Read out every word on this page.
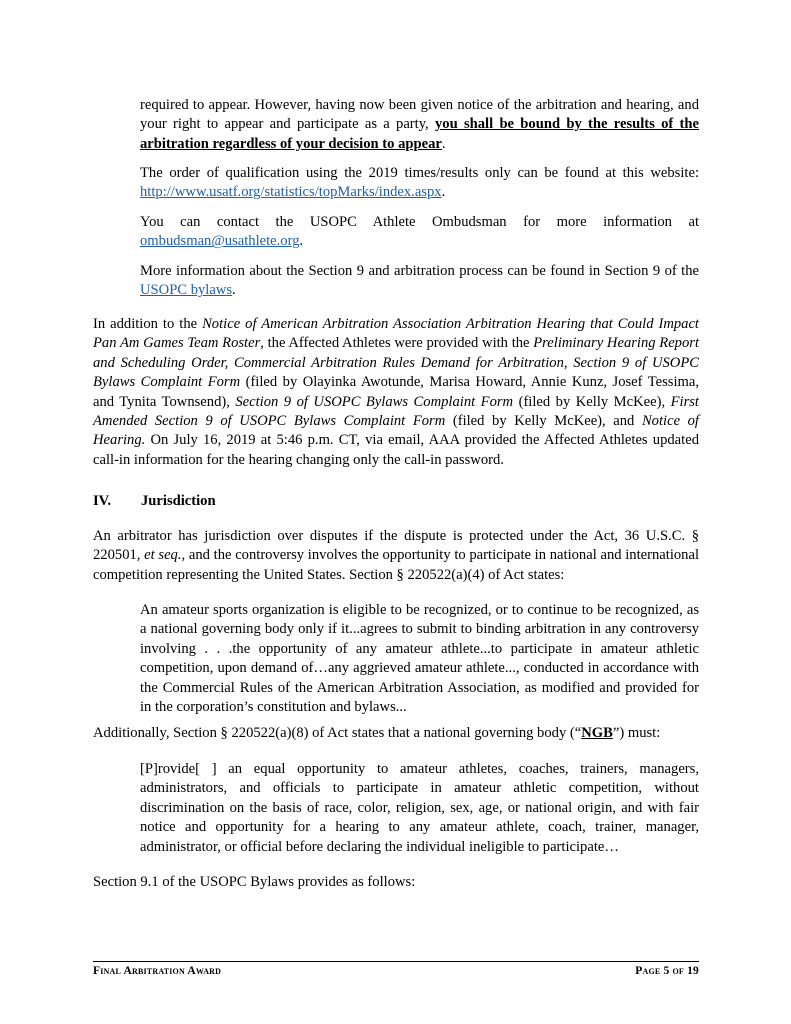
required to appear. However, having now been given notice of the arbitration and hearing, and your right to appear and participate as a party, you shall be bound by the results of the arbitration regardless of your decision to appear.

The order of qualification using the 2019 times/results only can be found at this website: http://www.usatf.org/statistics/topMarks/index.aspx.

You can contact the USOPC Athlete Ombudsman for more information at ombudsman@usathlete.org.

More information about the Section 9 and arbitration process can be found in Section 9 of the USOPC bylaws.

In addition to the Notice of American Arbitration Association Arbitration Hearing that Could Impact Pan Am Games Team Roster, the Affected Athletes were provided with the Preliminary Hearing Report and Scheduling Order, Commercial Arbitration Rules Demand for Arbitration, Section 9 of USOPC Bylaws Complaint Form (filed by Olayinka Awotunde, Marisa Howard, Annie Kunz, Josef Tessima, and Tynita Townsend), Section 9 of USOPC Bylaws Complaint Form (filed by Kelly McKee), First Amended Section 9 of USOPC Bylaws Complaint Form (filed by Kelly McKee), and Notice of Hearing. On July 16, 2019 at 5:46 p.m. CT, via email, AAA provided the Affected Athletes updated call-in information for the hearing changing only the call-in password.

IV. Jurisdiction

An arbitrator has jurisdiction over disputes if the dispute is protected under the Act, 36 U.S.C. § 220501, et seq., and the controversy involves the opportunity to participate in national and international competition representing the United States. Section § 220522(a)(4) of Act states:

An amateur sports organization is eligible to be recognized, or to continue to be recognized, as a national governing body only if it...agrees to submit to binding arbitration in any controversy involving . . .the opportunity of any amateur athlete...to participate in amateur athletic competition, upon demand of…any aggrieved amateur athlete..., conducted in accordance with the Commercial Rules of the American Arbitration Association, as modified and provided for in the corporation’s constitution and bylaws...

Additionally, Section § 220522(a)(8) of Act states that a national governing body (“NGB”) must:

[P]rovide[ ] an equal opportunity to amateur athletes, coaches, trainers, managers, administrators, and officials to participate in amateur athletic competition, without discrimination on the basis of race, color, religion, sex, age, or national origin, and with fair notice and opportunity for a hearing to any amateur athlete, coach, trainer, manager, administrator, or official before declaring the individual ineligible to participate…

Section 9.1 of the USOPC Bylaws provides as follows:

Final Arbitration Award	Page 5 of 19
